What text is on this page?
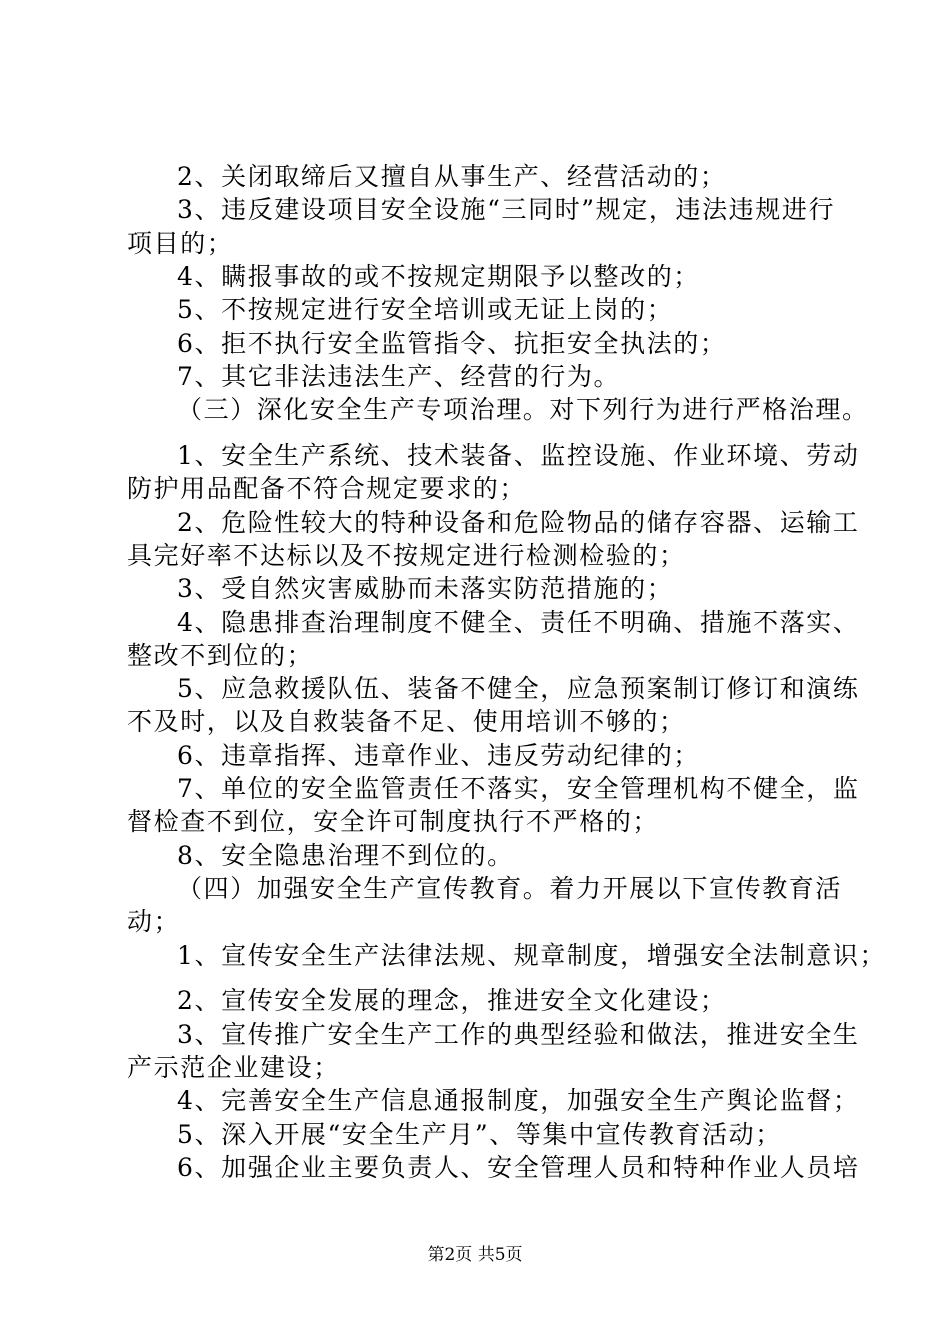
2、关闭取缔后又擅自从事生产、经营活动的；
3、违反建设项目安全设施“三同时”规定，违法违规进行
项目的；
4、瞒报事故的或不按规定期限予以整改的；
5、不按规定进行安全培训或无证上岗的；
6、拒不执行安全监管指令、抗拒安全执法的；
7、其它非法违法生产、经营的行为。
（三）深化安全生产专项治理。对下列行为进行严格治理。
1、安全生产系统、技术装备、监控设施、作业环境、劳动
防护用品配备不符合规定要求的；
2、危险性较大的特种设备和危险物品的储存容器、运输工
具完好率不达标以及不按规定进行检测检验的；
3、受自然灾害威胁而未落实防范措施的；
4、隐患排查治理制度不健全、责任不明确、措施不落实、
整改不到位的；
5、应急救援队伍、装备不健全，应急预案制订修订和演练
不及时，以及自救装备不足、使用培训不够的；
6、违章指挥、违章作业、违反劳动纪律的；
7、单位的安全监管责任不落实，安全管理机构不健全，监
督检查不到位，安全许可制度执行不严格的；
8、安全隐患治理不到位的。
（四）加强安全生产宣传教育。着力开展以下宣传教育活
动；
1、宣传安全生产法律法规、规章制度，增强安全法制意识；
2、宣传安全发展的理念，推进安全文化建设；
3、宣传推广安全生产工作的典型经验和做法，推进安全生
产示范企业建设；
4、完善安全生产信息通报制度，加强安全生产舆论监督；
5、深入开展“安全生产月”、等集中宣传教育活动；
6、加强企业主要负责人、安全管理人员和特种作业人员培
第2页 共5页
